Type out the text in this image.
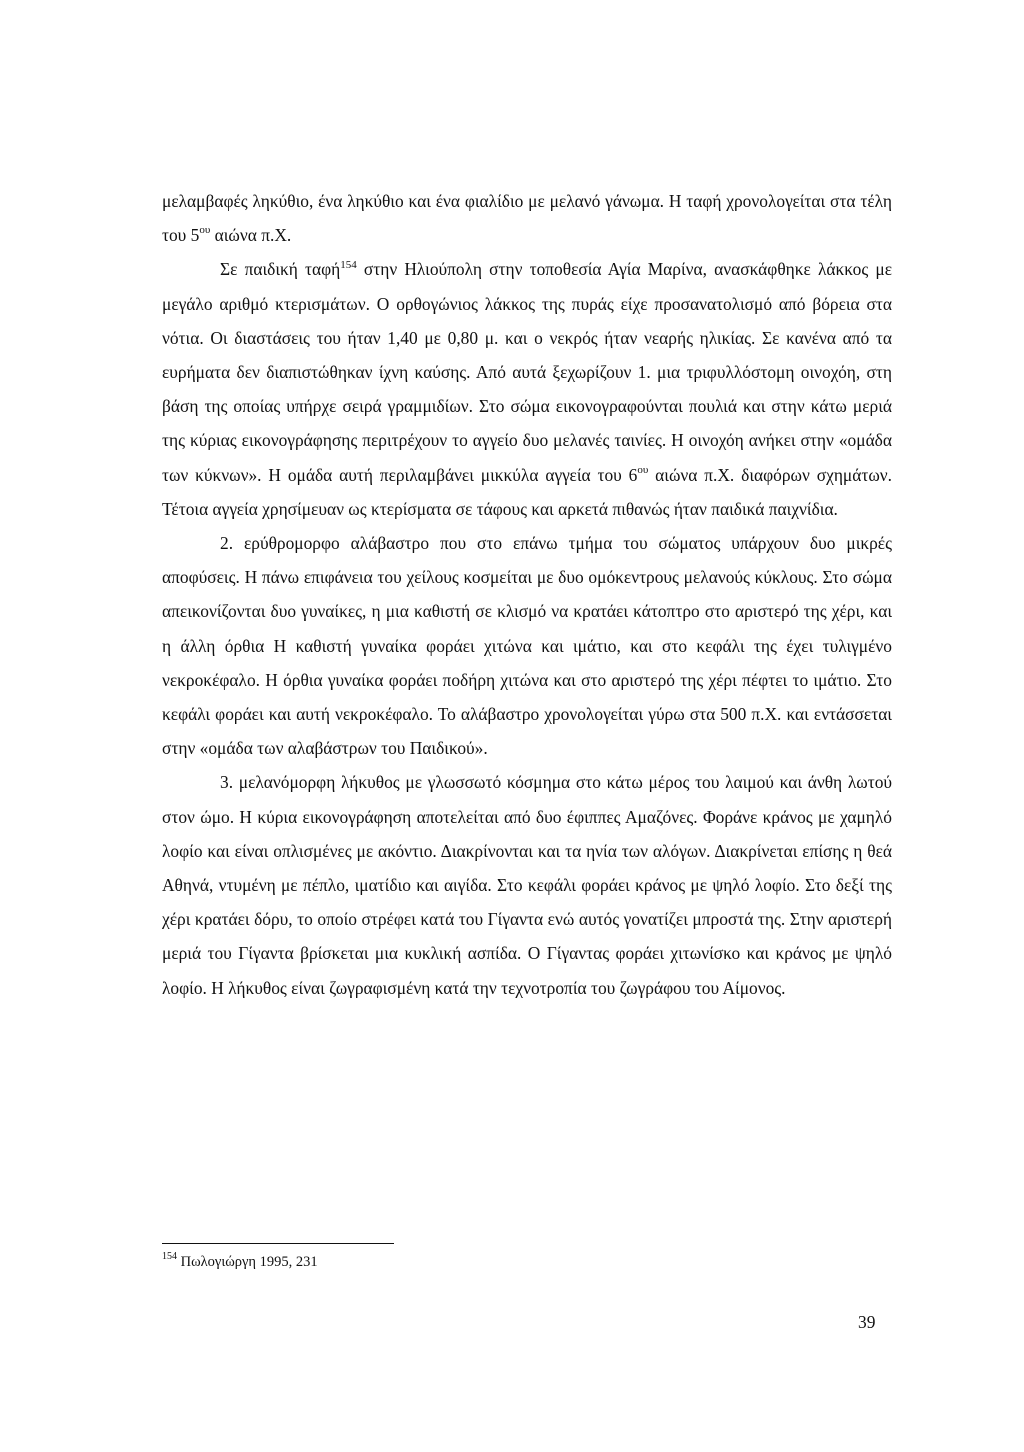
μελαμβαφές ληκύθιο, ένα ληκύθιο και ένα φιαλίδιο με μελανό γάνωμα. Η ταφή χρονολογείται στα τέλη του $5^{o\upsilon}$ αιώνα π.Χ.

Σε παιδική ταφή$^{154}$ στην Ηλιούπολη στην τοποθεσία Αγία Μαρίνα, ανασκάφθηκε λάκκος με μεγάλο αριθμό κτερισμάτων. Ο ορθογώνιος λάκκος της πυράς είχε προσανατολισμό από βόρεια στα νότια. Οι διαστάσεις του ήταν 1,40 με 0,80 μ. και ο νεκρός ήταν νεαρής ηλικίας. Σε κανένα από τα ευρήματα δεν διαπιστώθηκαν ίχνη καύσης. Από αυτά ξεχωρίζουν 1. μια τριφυλλόστομη οινοχόη, στη βάση της οποίας υπήρχε σειρά γραμμιδίων. Στο σώμα εικονογραφούνται πουλιά και στην κάτω μεριά της κύριας εικονογράφησης περιτρέχουν το αγγείο δυο μελανές ταινίες. Η οινοχόη ανήκει στην «ομάδα των κύκνων». Η ομάδα αυτή περιλαμβάνει μικκύλα αγγεία του $6^{o\upsilon}$ αιώνα π.Χ. διαφόρων σχημάτων. Τέτοια αγγεία χρησίμευαν ως κτερίσματα σε τάφους και αρκετά πιθανώς ήταν παιδικά παιχνίδια.

2. ερύθρομορφο αλάβαστρο που στο επάνω τμήμα του σώματος υπάρχουν δυο μικρές αποφύσεις. Η πάνω επιφάνεια του χείλους κοσμείται με δυο ομόκεντρους μελανούς κύκλους. Στο σώμα απεικονίζονται δυο γυναίκες, η μια καθιστή σε κλισμό να κρατάει κάτοπτρο στο αριστερό της χέρι, και η άλλη όρθια Η καθιστή γυναίκα φοράει χιτώνα και ιμάτιο, και στο κεφάλι της έχει τυλιγμένο νεκροκέφαλο. Η όρθια γυναίκα φοράει ποδήρη χιτώνα και στο αριστερό της χέρι πέφτει το ιμάτιο. Στο κεφάλι φοράει και αυτή νεκροκέφαλο. Το αλάβαστρο χρονολογείται γύρω στα 500 π.Χ. και εντάσσεται στην «ομάδα των αλαβάστρων του Παιδικού».

3. μελανόμορφη λήκυθος με γλωσσωτό κόσμημα στο κάτω μέρος του λαιμού και άνθη λωτού στον ώμο. Η κύρια εικονογράφηση αποτελείται από δυο έφιππες Αμαζόνες. Φοράνε κράνος με χαμηλό λοφίο και είναι οπλισμένες με ακόντιο. Διακρίνονται και τα ηνία των αλόγων. Διακρίνεται επίσης η θεά Αθηνά, ντυμένη με πέπλο, ιματίδιο και αιγίδα. Στο κεφάλι φοράει κράνος με ψηλό λοφίο. Στο δεξί της χέρι κρατάει δόρυ, το οποίο στρέφει κατά του Γίγαντα ενώ αυτός γονατίζει μπροστά της. Στην αριστερή μεριά του Γίγαντα βρίσκεται μια κυκλική ασπίδα. Ο Γίγαντας φοράει χιτωνίσκο και κράνος με ψηλό λοφίο. Η λήκυθος είναι ζωγραφισμένη κατά την τεχνοτροπία του ζωγράφου του Αίμονος.

$^{154}$ Πωλογιώργη 1995, 231
39
